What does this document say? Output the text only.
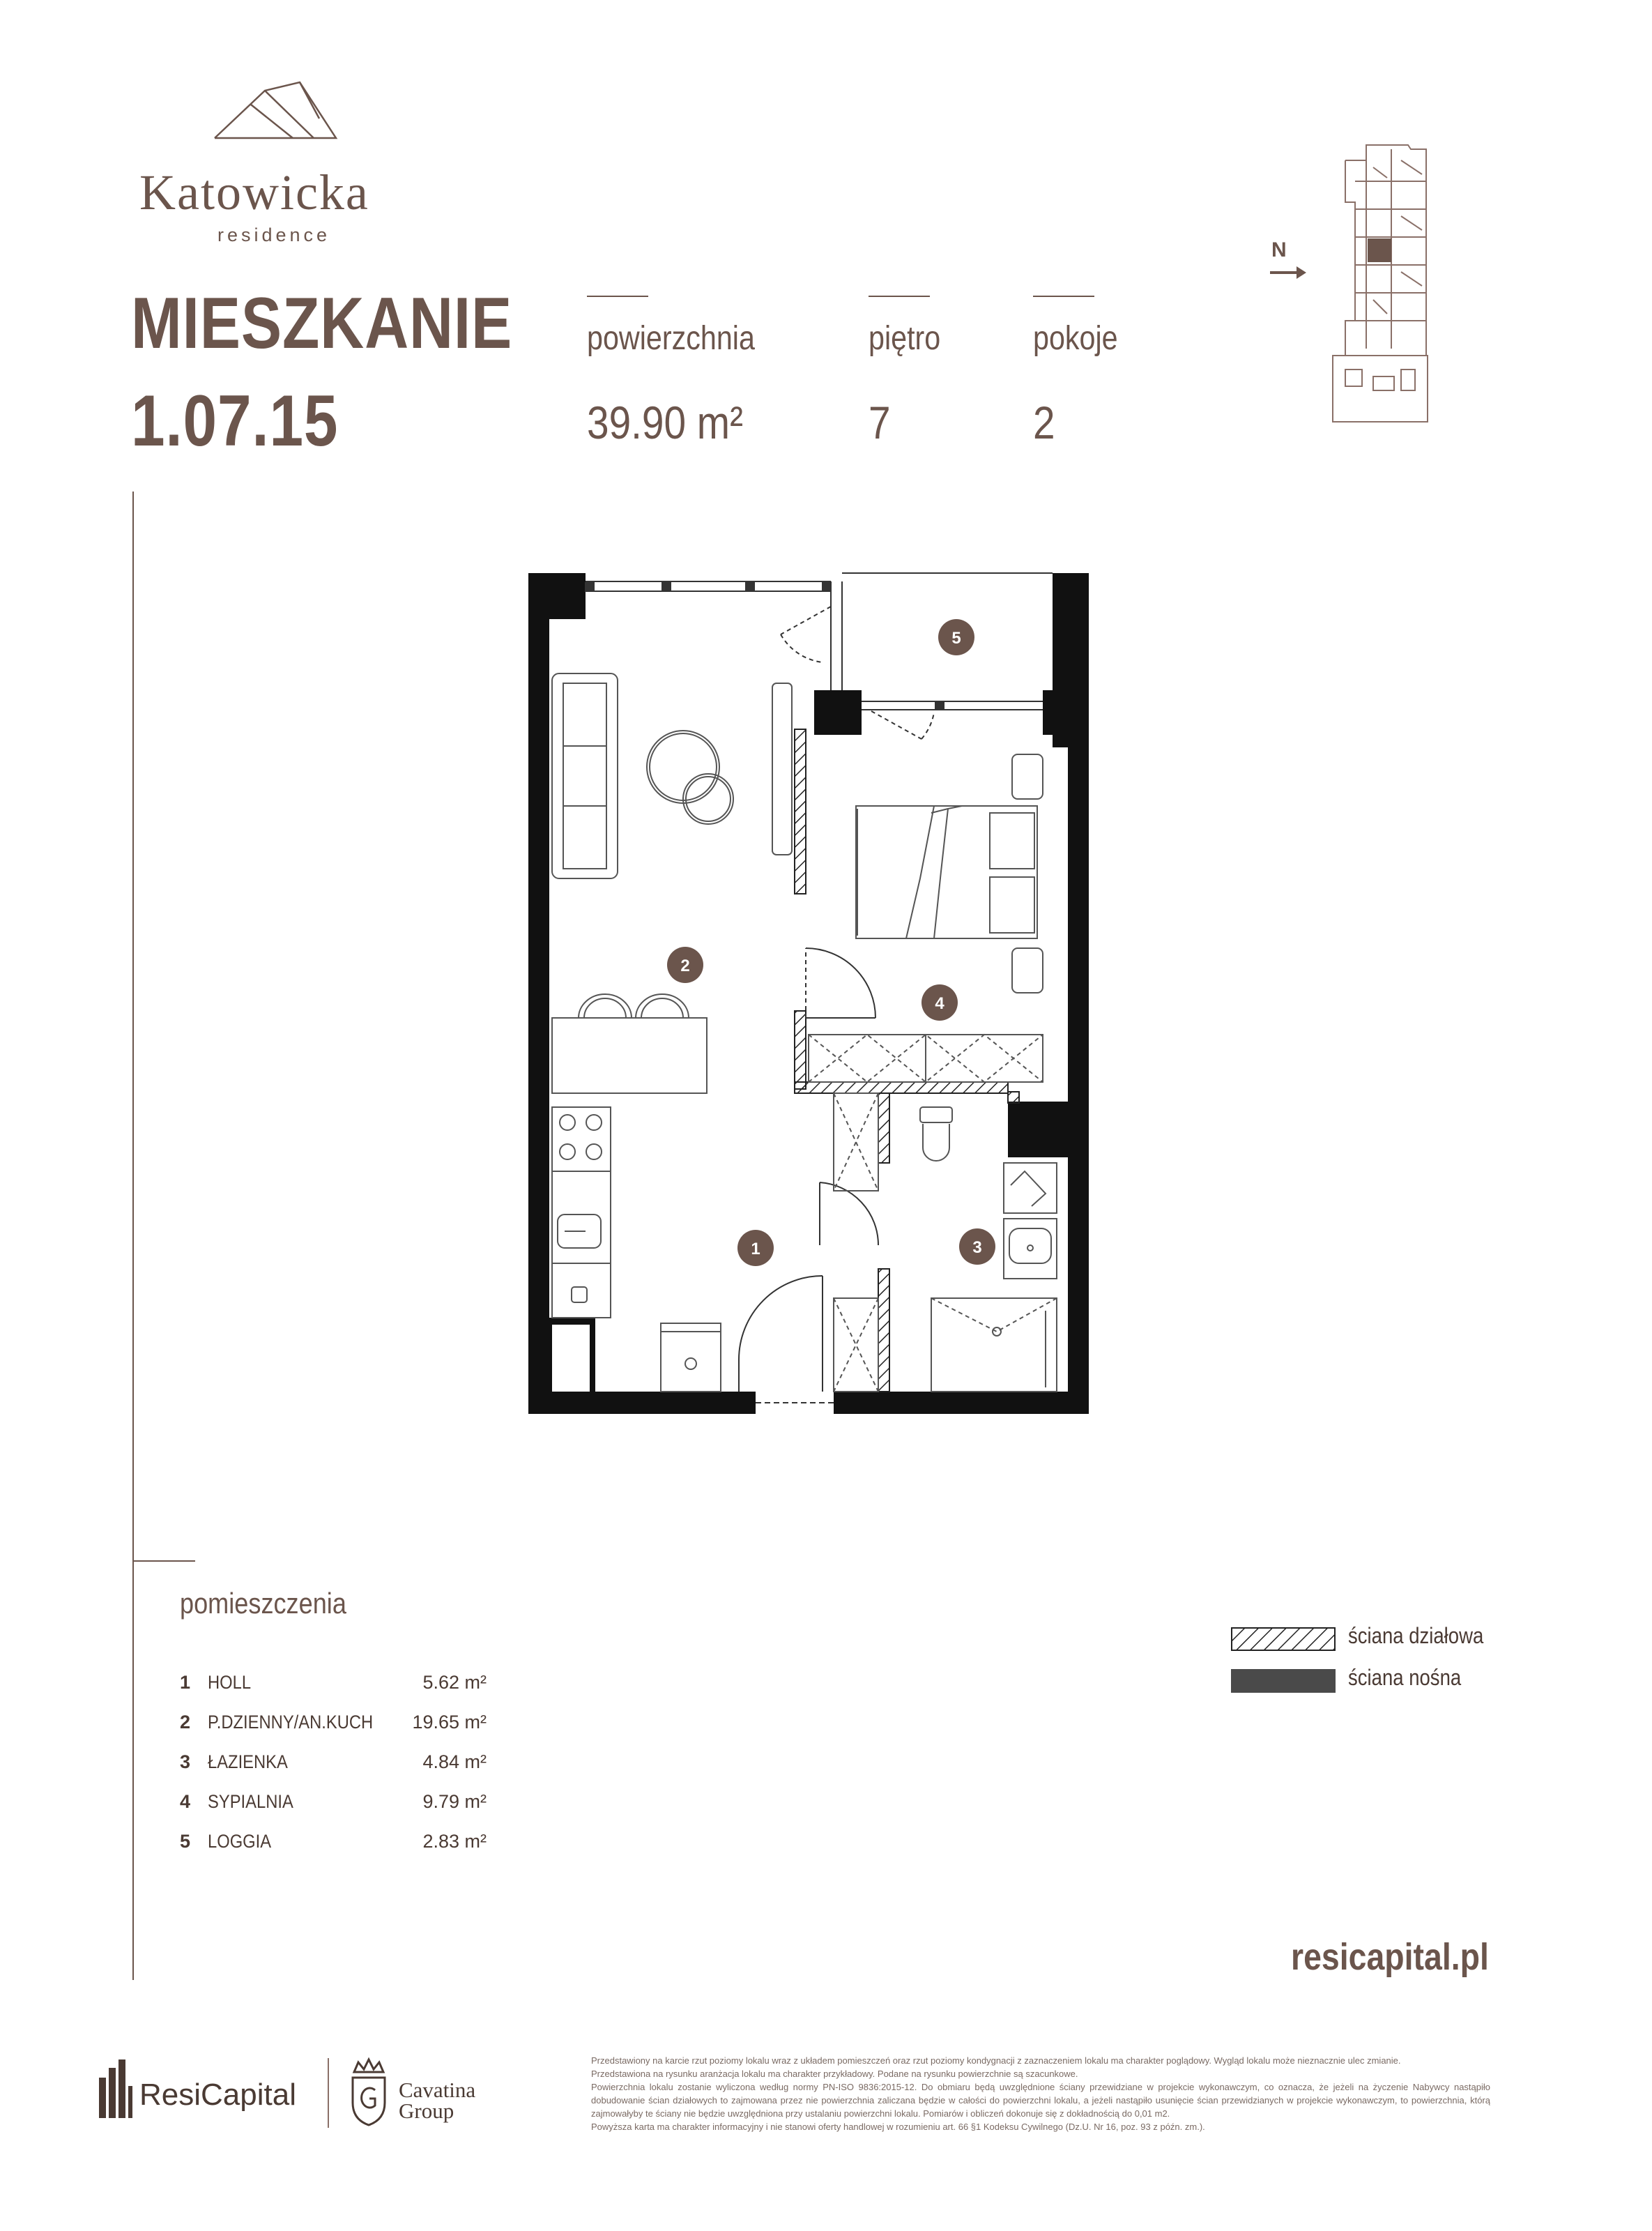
Katowicka
residence
MIESZKANIE
1.07.15
powierzchnia
39.90 m²
piętro
7
pokoje
2
N
1
2
3
4
5
pomieszczenia
1 HOLL	5.62 m²
2 P.DZIENNY/AN.KUCH 19.65 m²
3 ŁAZIENKA	4.84 m²
4 SYPIALNIA	9.79 m²
5 LOGGIA	2.83 m²
ściana działowa
ściana nośna
resicapital.pl
ResiCapital	Cavatina
Group
Przedstawiony na karcie rzut poziomy lokalu wraz z układem pomieszczeń oraz rzut poziomy kondygnacji z zaznaczeniem lokalu ma charakter poglądowy. Wygląd lokalu może nieznacznie ulec zmianie.
Przedstawiona na rysunku aranżacja lokalu ma charakter przykładowy. Podane na rysunku powierzchnie są szacunkowe.
Powierzchnia lokalu zostanie wyliczona według normy PN-ISO 9836:2015-12. Do obmiaru będą uwzględnione ściany przewidziane w projekcie wykonawczym, co oznacza, że jeżeli na życzenie Nabywcy nastąpiło dobudowanie ścian działowych to zajmowana przez nie powierzchnia zaliczana będzie w całości do powierzchni lokalu, a jeżeli nastąpiło usunięcie ścian przewidzianych w projekcie wykonawczym, to powierzchnia, którą zajmowałyby te ściany nie będzie uwzględniona przy ustalaniu powierzchni lokalu. Pomiarów i obliczeń dokonuje się z dokładnością do 0,01 m2.
Powyższa karta ma charakter informacyjny i nie stanowi oferty handlowej w rozumieniu art. 66 §1 Kodeksu Cywilnego (Dz.U. Nr 16, poz. 93 z późn. zm.).
